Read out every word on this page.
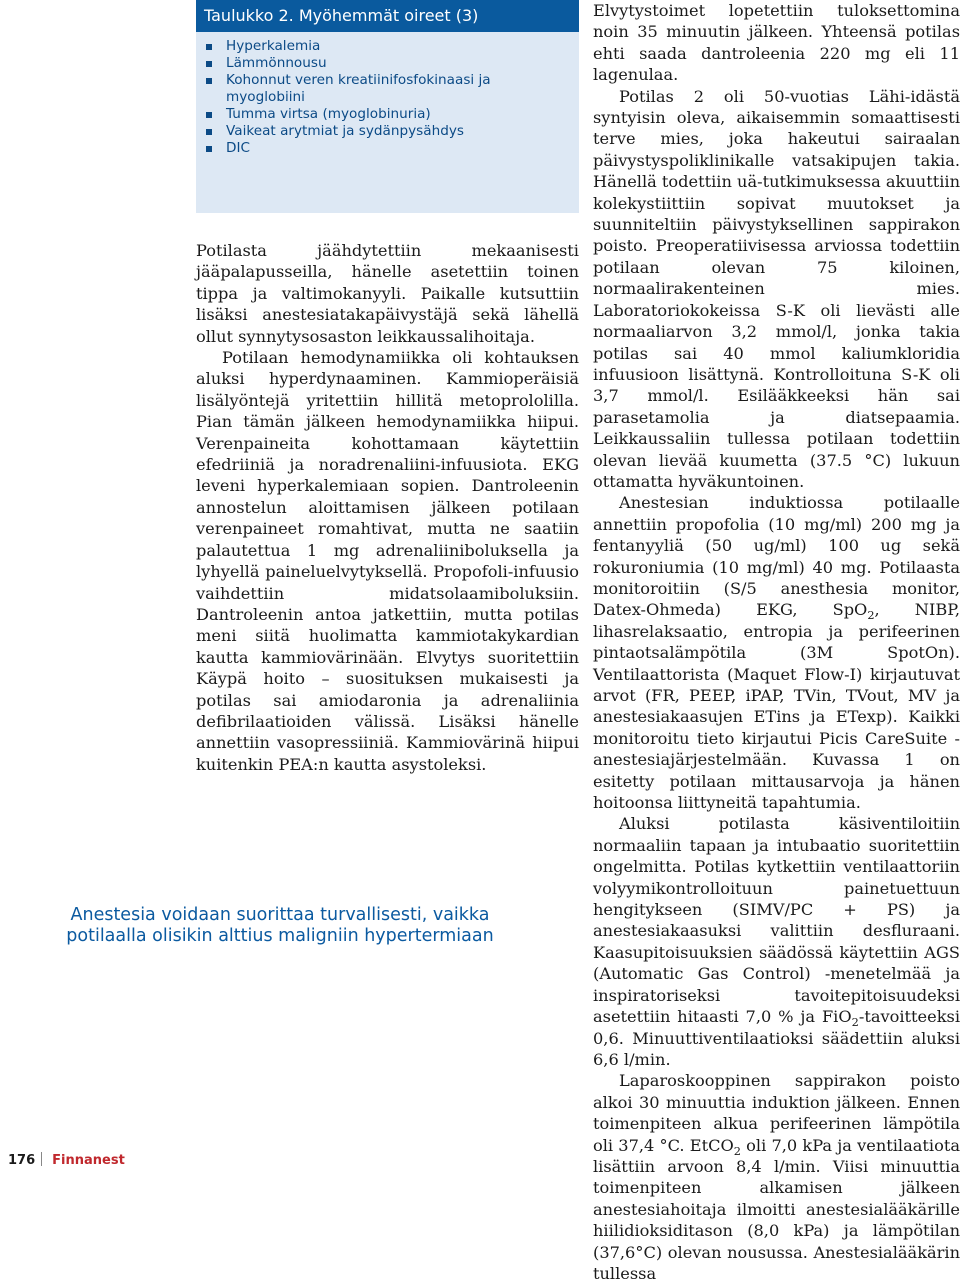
Taulukko 2. Myöhemmät oireet (3)
Hyperkalemia
Lämmönnousu
Kohonnut veren kreatiinifosfokinaasi ja myoglobiini
Tumma virtsa (myoglobinuria)
Vaikeat arytmiat ja sydänpysähdys
DIC

Potilasta jäähdytettiin mekaanisesti jääpalapusseilla, hänelle asetettiin toinen tippa ja valtimokanyyli. Paikalle kutsuttiin lisäksi anestesiatakapäivystäjä sekä lähellä ollut synnytysosaston leikkaussalihoitaja.

Potilaan hemodynamiikka oli kohtauksen aluksi hyperdynaaminen. Kammioperäisiä lisälyöntejä yritettiin hillitä metoprololilla. Pian tämän jälkeen hemodynamiikka hiipui. Verenpaineita kohottamaan käytettiin efedriiniä ja noradrenaliini-infuusiota. EKG leveni hyperkalemiaan sopien. Dantroleenin annostelun aloittamisen jälkeen potilaan verenpaineet romahtivat, mutta ne saatiin palautettua 1 mg adrenaliiniboluksella ja lyhyellä paineluelvytyksellä. Propofoli-infuusio vaihdettiin midatsolaamiboluksiin. Dantroleenin antoa jatkettiin, mutta potilas meni siitä huolimatta kammiotakykardian kautta kammiovärinään. Elvytys suoritettiin Käypä hoito – suosituksen mukaisesti ja potilas sai amiodaronia ja adrenaliinia defibrilaatioiden välissä. Lisäksi hänelle annettiin vasopressiiniä. Kammiovärinä hiipui kuitenkin PEA:n kautta asystoleksi.

Anestesia voidaan suorittaa turvallisesti, vaikka potilaalla olisikin alttius maligniin hypertermiaan

Elvytystoimet lopetettiin tuloksettomina noin 35 minuutin jälkeen. Yhteensä potilas ehti saada dantroleenia 220 mg eli 11 lagenulaa.

Potilas 2 oli 50-vuotias Lähi-idästä syntyisin oleva, aikaisemmin somaattisesti terve mies, joka hakeutui sairaalan päivystyspoliklinikalle vatsakipujen takia. Hänellä todettiin uä-tutkimuksessa akuuttiin kolekystiittiin sopivat muutokset ja suunniteltiin päivystyksellinen sappirakon poisto. Preoperatiivisessa arviossa todettiin potilaan olevan 75 kiloinen, normaalirakenteinen mies. Laboratoriokokeissa S-K oli lievästi alle normaaliarvon 3,2 mmol/l, jonka takia potilas sai 40 mmol kaliumkloridia infuusioon lisättynä. Kontrolloituna S-K oli 3,7 mmol/l. Esilääkkeeksi hän sai parasetamolia ja diatsepaamia. Leikkaussaliin tullessa potilaan todettiin olevan lievää kuumetta (37.5 °C) lukuun ottamatta hyväkuntoinen.

Anestesian induktiossa potilaalle annettiin propofolia (10 mg/ml) 200 mg ja fentanyyliä (50 ug/ml) 100 ug sekä rokuroniumia (10 mg/ml) 40 mg. Potilaasta monitoroitiin (S/5 anesthesia monitor, Datex-Ohmeda) EKG, SpO$_2$, NIBP, lihasrelaksaatio, entropia ja perifeerinen pintaotsalämpötila (3M SpotOn). Ventilaattorista (Maquet Flow-I) kirjautuvat arvot (FR, PEEP, iPAP, TVin, TVout, MV ja anestesiakaasujen ETins ja ETexp). Kaikki monitoroitu tieto kirjautui Picis CareSuite -anestesiajärjestelmään. Kuvassa 1 on esitetty potilaan mittausarvoja ja hänen hoitoonsa liittyneitä tapahtumia.

Aluksi potilasta käsiventiloitiin normaaliin tapaan ja intubaatio suoritettiin ongelmitta. Potilas kytkettiin ventilaattoriin volyymikontrolloituun painetuettuun hengitykseen (SIMV/PC + PS) ja anestesiakaasuksi valittiin desfluraani. Kaasupitoisuuksien säädössä käytettiin AGS (Automatic Gas Control) -menetelmää ja inspiratoriseksi tavoitepitoisuudeksi asetettiin hitaasti 7,0 % ja FiO$_2$-tavoitteeksi 0,6. Minuuttiventilaatioksi säädettiin aluksi 6,6 l/min.

Laparoskooppinen sappirakon poisto alkoi 30 minuuttia induktion jälkeen. Ennen toimenpiteen alkua perifeerinen lämpötila oli 37,4 °C. EtCO$_2$ oli 7,0 kPa ja ventilaatiota lisättiin arvoon 8,4 l/min. Viisi minuuttia toimenpiteen alkamisen jälkeen anestesiahoitaja ilmoitti anestesialääkärille hiilidioksiditason (8,0 kPa) ja lämpötilan (37,6°C) olevan nousussa. Anestesialääkärin tullessa

176 Finnanest
